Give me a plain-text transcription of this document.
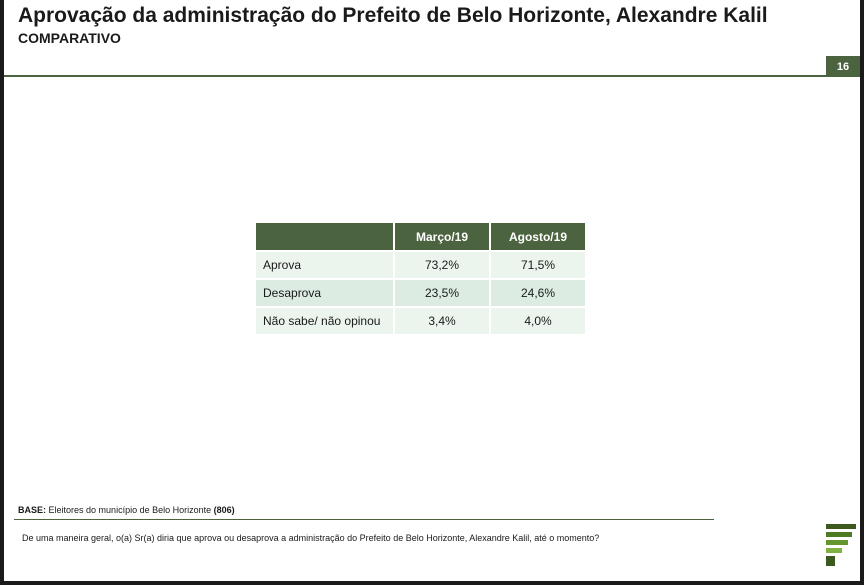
Aprovação da administração do Prefeito de Belo Horizonte, Alexandre Kalil
COMPARATIVO
16
	Março/19	Agosto/19
Aprova	73,2%	71,5%
Desaprova	23,5%	24,6%
Não sabe/ não opinou	3,4%	4,0%
BASE: Eleitores do município de Belo Horizonte (806)
De uma maneira geral, o(a) Sr(a) diria que aprova ou desaprova a administração do Prefeito de Belo Horizonte, Alexandre Kalil, até o momento?
